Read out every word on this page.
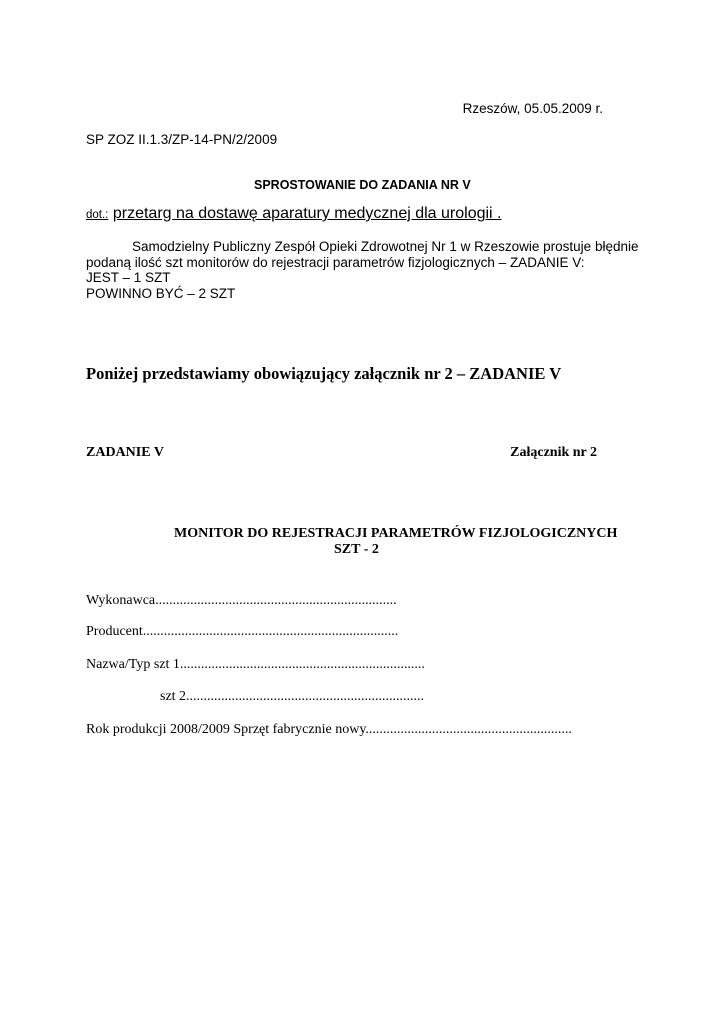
Rzeszów, 05.05.2009 r.
SP ZOZ II.1.3/ZP-14-PN/2/2009
SPROSTOWANIE DO ZADANIA NR V
dot.: przetarg na dostawę aparatury medycznej dla urologii .
Samodzielny Publiczny Zespół Opieki Zdrowotnej Nr 1 w Rzeszowie prostuje błędnie
podaną ilość szt monitorów do rejestracji parametrów fizjologicznych – ZADANIE V:
JEST – 1 SZT
POWINNO BYĆ – 2 SZT
Poniżej przedstawiamy obowiązujący załącznik nr 2 – ZADANIE V
ZADANIE V	Załącznik nr 2
MONITOR DO REJESTRACJI PARAMETRÓW FIZJOLOGICZNYCH
SZT - 2
Wykonawca.....................................................................
Producent.........................................................................
Nazwa/Typ szt 1......................................................................
szt 2....................................................................
Rok produkcji 2008/2009 Sprzęt fabrycznie nowy...........................................................
